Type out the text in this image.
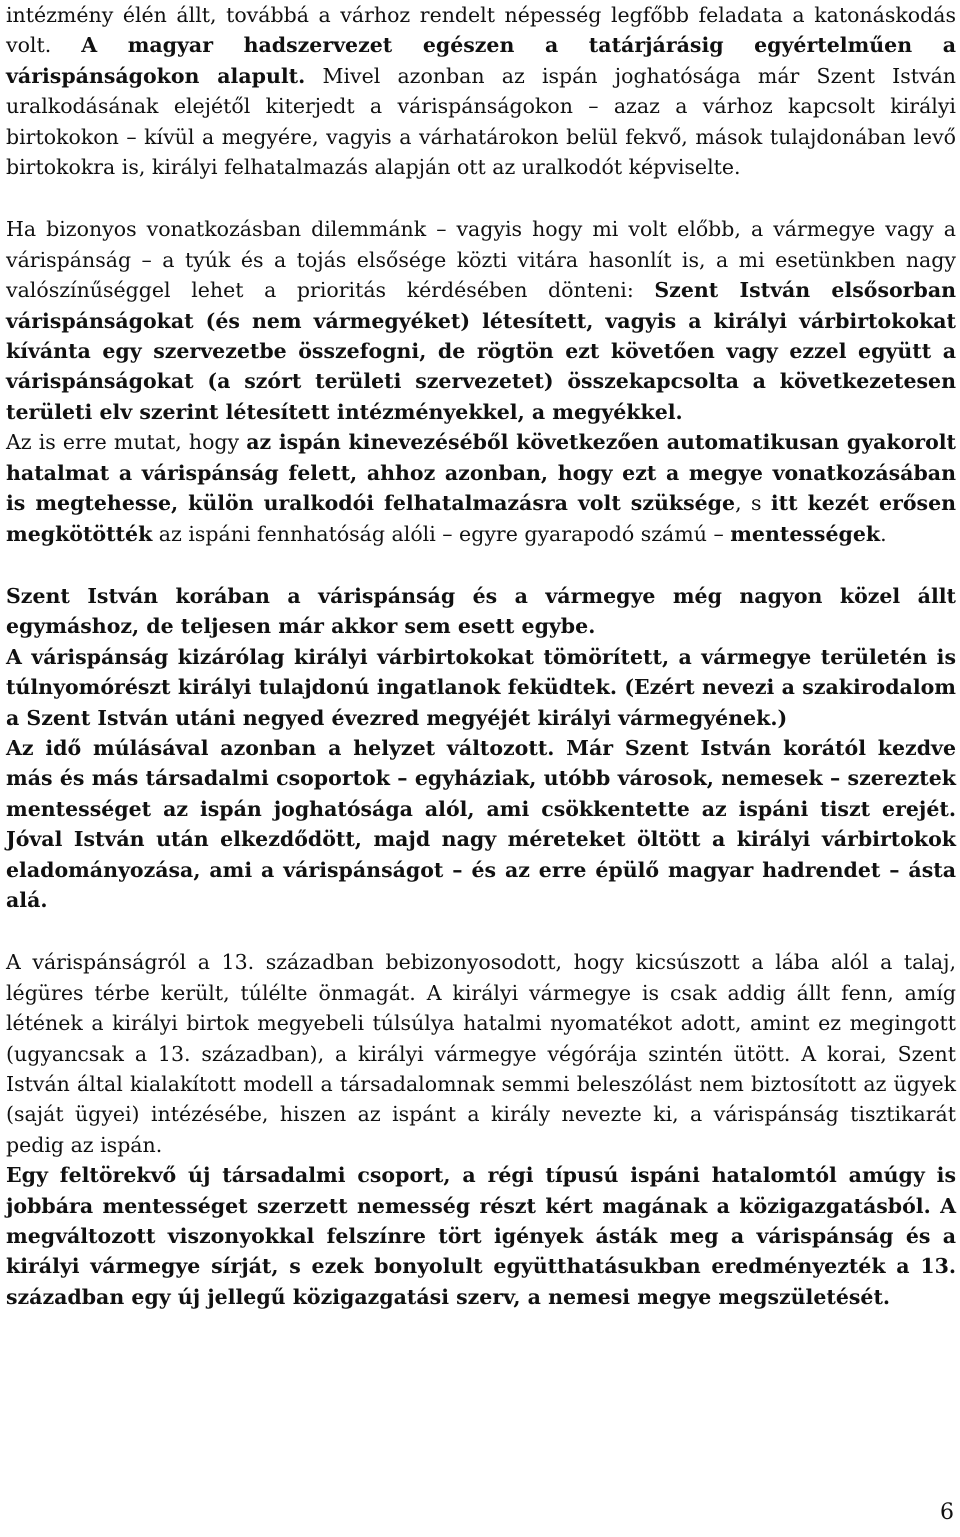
intézmény élén állt, továbbá a várhoz rendelt népesség legfőbb feladata a katonáskodás volt. A magyar hadszervezet egészen a tatárjárásig egyértelműen a várispánságokon alapult. Mivel azonban az ispán joghatósága már Szent István uralkodásának elejétől kiterjedt a várispánságokon – azaz a várhoz kapcsolt királyi birtokokon – kívül a megyére, vagyis a várhatárokon belül fekvő, mások tulajdonában levő birtokokra is, királyi felhatalmazás alapján ott az uralkodót képviselte.

Ha bizonyos vonatkozásban dilemmánk – vagyis hogy mi volt előbb, a vármegye vagy a várispánság – a tyúk és a tojás elsősége közti vitára hasonlít is, a mi esetünkben nagy valószínűséggel lehet a prioritás kérdésében dönteni: Szent István elsősorban várispánságokat (és nem vármegyéket) létesített, vagyis a királyi várbirtokokat kívánta egy szervezetbe összefogni, de rögtön ezt követően vagy ezzel együtt a várispánságokat (a szórt területi szervezetet) összekapcsolta a következetesen területi elv szerint létesített intézményekkel, a megyékkel.

Az is erre mutat, hogy az ispán kinevezéséből következően automatikusan gyakorolt hatalmat a várispánság felett, ahhoz azonban, hogy ezt a megye vonatkozásában is megtehesse, külön uralkodói felhatalmazásra volt szüksége, s itt kezét erősen megkötötték az ispáni fennhatóság alóli – egyre gyarapodó számú – mentességek.

Szent István korában a várispánság és a vármegye még nagyon közel állt egymáshoz, de teljesen már akkor sem esett egybe.

A várispánság kizárólag királyi várbirtokokat tömörített, a vármegye területén is túlnyomórészt királyi tulajdonú ingatlanok feküdtek. (Ezért nevezi a szakirodalom a Szent István utáni negyed évezred megyéjét királyi vármegyének.)

Az idő múlásával azonban a helyzet változott. Már Szent István korától kezdve más és más társadalmi csoportok – egyháziak, utóbb városok, nemesek – szereztek mentességet az ispán joghatósága alól, ami csökkentette az ispáni tiszt erejét. Jóval István után elkezdődött, majd nagy méreteket öltött a királyi várbirtokok eladományozása, ami a várispánságot – és az erre épülő magyar hadrendet – ásta alá.

A várispánságról a 13. században bebizonyosodott, hogy kicsúszott a lába alól a talaj, légüres térbe került, túlélte önmagát. A királyi vármegye is csak addig állt fenn, amíg létének a királyi birtok megyebeli túlsúlya hatalmi nyomatékot adott, amint ez megingott (ugyancsak a 13. században), a királyi vármegye végórája szintén ütött. A korai, Szent István által kialakított modell a társadalomnak semmi beleszólást nem biztosított az ügyek (saját ügyei) intézésébe, hiszen az ispánt a király nevezte ki, a várispánság tisztikarát pedig az ispán.

Egy feltörekvő új társadalmi csoport, a régi típusú ispáni hatalomtól amúgy is jobbára mentességet szerzett nemesség részt kért magának a közigazgatásból. A megváltozott viszonyokkal felszínre tört igények ásták meg a várispánság és a királyi vármegye sírját, s ezek bonyolult együtthatásukban eredményezték a 13. században egy új jellegű közigazgatási szerv, a nemesi megye megszületését.

6
